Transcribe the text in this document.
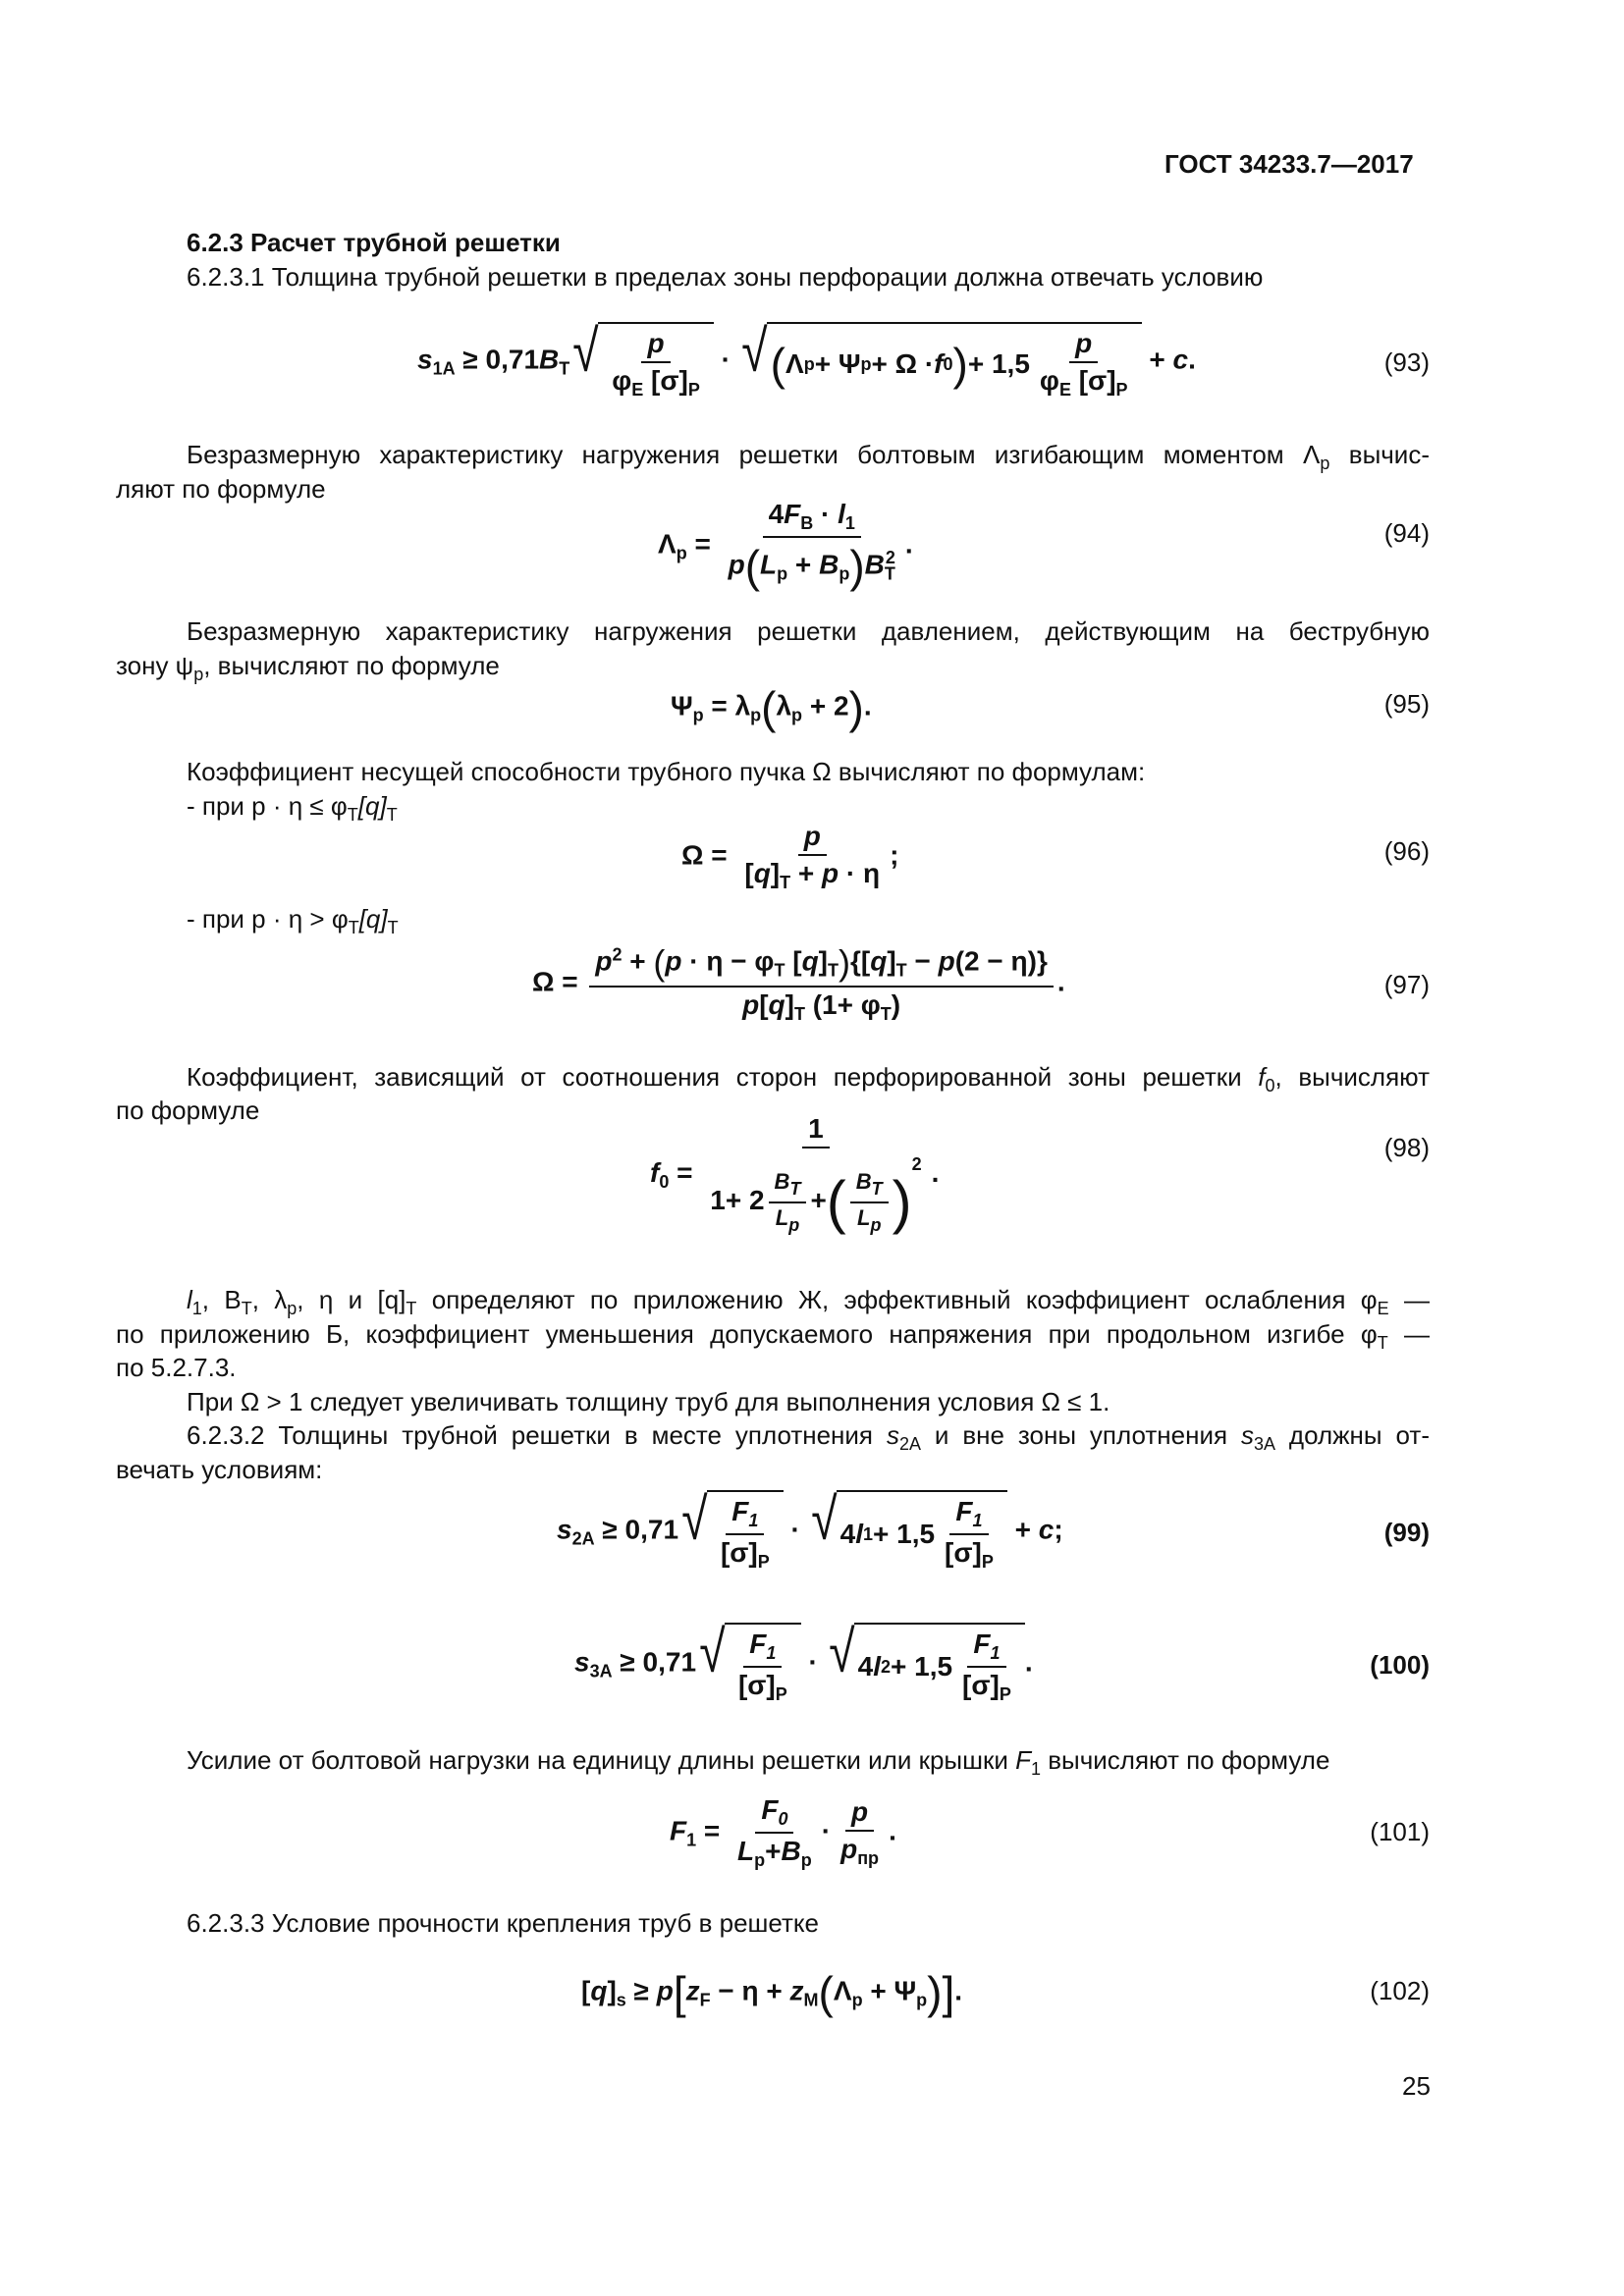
ГОСТ 34233.7—2017
6.2.3 Расчет трубной решетки
6.2.3.1 Толщина трубной решетки в пределах зоны перфорации должна отвечать условию
$s_{1A} \ge 0,71B_T$ √ $\frac{p}{\varphi_E [\sigma]_P}$ · √ ( Λ p + Ψ p + Ω · f 0 ) + $1,5 \frac{p}{\varphi_E [\sigma]_P} + c$.	(93)
Безразмерную характеристику нагружения решетки болтовым изгибающим моментом $\Lambda_p$ вычис-
ляют по формуле
$\Lambda_p = \frac{4F_B \cdot l_1}{p(L_p + B_p)B_T^2}$ .	(94)
Безразмерную характеристику нагружения решетки давлением, действующим на беструбную
зону $\psi_p$, вычисляют по формуле
$\Psi_p = \lambda_p(\lambda_p + 2)$.	(95)
Коэффициент несущей способности трубного пучка Ω вычисляют по формулам:
- при $p \cdot \eta \le \varphi_T[q]_T$
$\Omega = \frac{p}{[q]_T + p \cdot \eta}$ ;	(96)
- при $p \cdot \eta > \varphi_T[q]_T$
$\Omega = \frac{p^2 + (p \cdot \eta - \varphi_T [q]_T)\{[q]_T - p(2 - \eta)\}}{p[q]_T (1+ \varphi_T)}$ .	(97)
Коэффициент, зависящий от соотношения сторон перфорированной зоны решетки $f_0$, вычисляют
по формуле
$f_0 = \frac{1}{1+ 2 \frac{B_T}{L_p} +( \frac{B_T}{L_p} )^2}$ .
(98)
$l_1$, $B_T$, $\lambda_p$, η и $[q]_T$ определяют по приложению Ж, эффективный коэффициент ослабления $\varphi_E$ —
по приложению Б, коэффициент уменьшения допускаемого напряжения при продольном изгибе $\varphi_T$ —
по 5.2.7.3.
При Ω > 1 следует увеличивать толщину труб для выполнения условия Ω ≤ 1.
6.2.3.2 Толщины трубной решетки в месте уплотнения $s_{2A}$ и вне зоны уплотнения $s_{3A}$ должны от-
вечать условиям:
$s_{2A} \ge 0,71$ √ $\frac{F_1}{[\sigma]_P}$ · √ 4 l $1 + 1,5 \frac{F_1}{[\sigma]_P} + c$;	(99)
$s_{3A} \ge 0,71$ √ $\frac{F_1}{[\sigma]_P}$ · √ 4 l $2 + 1,5 \frac{F_1}{[\sigma]_P}$ .	(100)
Усилие от болтовой нагрузки на единицу длины решетки или крышки $F_1$ вычисляют по формуле
$F_1 = \frac{F_0}{L_p+B_p} \cdot \frac{p}{p_{пр}}$ .	(101)
6.2.3.3 Условие прочности крепления труб в решетке
$[q]_s \ge p[z_F - \eta + z_M(\Lambda_p + \Psi_p)]$.	(102)
25
